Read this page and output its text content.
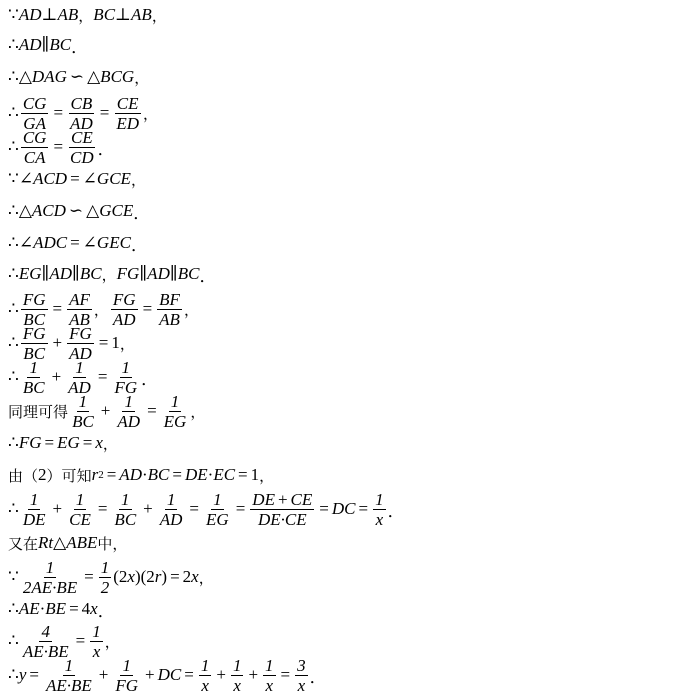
∵ A D ⊥ A B ， B C ⊥ A B ，
∴ A D ∥ B C ．
∴△ D A G ∽ △ B C G ，
∴ $\frac{CG}{GA} = \frac{CB}{AD} = \frac{CE}{ED}$ ，
∴ $\frac{CG}{CA} = \frac{CE}{CD}$ ．
∵∠ A C D = ∠ G C E ，
∴△ A C D ∽ △ G C E ．
∴∠ A D C = ∠ G E C ．
∴ E G ∥ A D ∥ B C ， F G ∥ A D ∥ B C ．
∴ $\frac{FG}{BC} = \frac{AF}{AB}$ ， $\frac{FG}{AD} = \frac{BF}{AB}$ ，
∴ $\frac{FG}{BC} + \frac{FG}{AD} = 1$ ，
∴ $\frac{1}{BC} + \frac{1}{AD} = \frac{1}{FG}$ ．
同 理 可 得 $\frac{1}{BC} + \frac{1}{AD} = \frac{1}{EG}$ ，
∴ F G = E G = x ，
由 （ 2 ） 可 知 r 2 = A D · B C = D E · E C = 1 ，
∴ $\frac{1}{DE} + \frac{1}{CE} = \frac{1}{BC} + \frac{1}{AD} = \frac{1}{EG} = \frac{DE + CE}{DE\cdot CE} = D$ $C = \frac{1}{x}$ ．
又 在 R t △ A B E 中 ，
∵ $\frac{1}{2AE\cdot BE} = \frac{1}{2} (2$ x )(2 r ) = 2 x ，
∴ A E · B E = 4 x ．
∴ $\frac{4}{AE\cdot BE} = \frac{1}{x}$ ，
∴ $y = \frac{1}{AE\cdot BE} + \frac{1}{FG} + D$ $C = \frac{1}{x} + \frac{1}{x} + \frac{1}{x} = \frac{3}{x}$ ．
